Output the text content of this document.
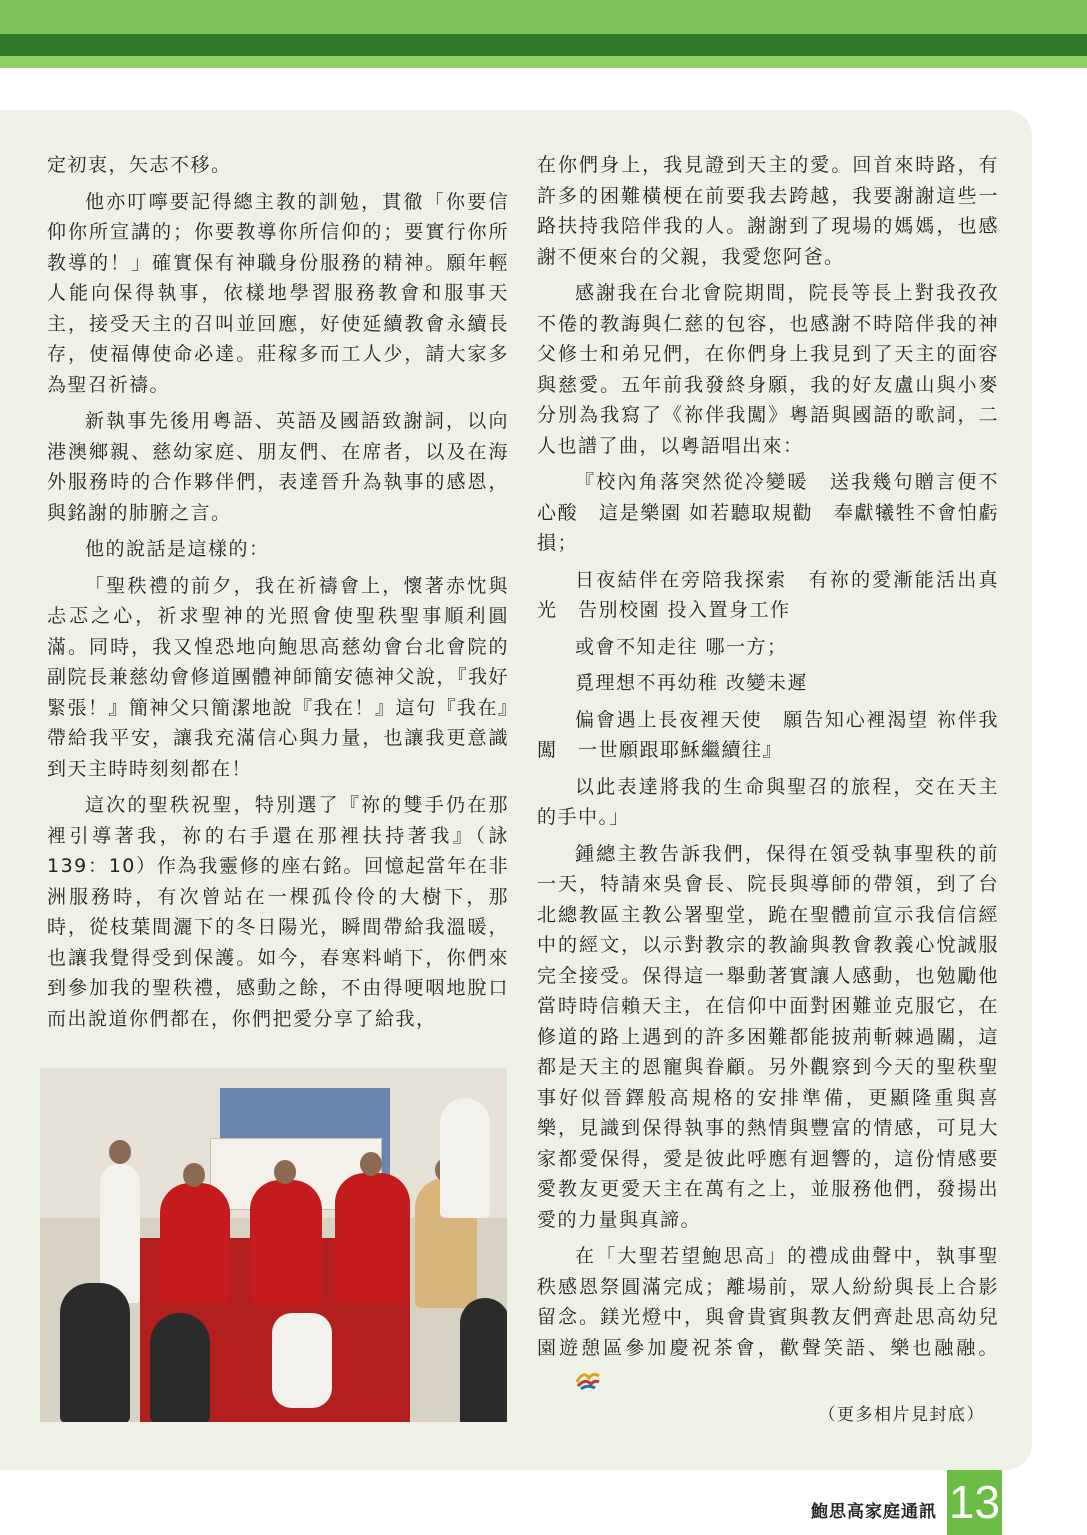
定初衷，矢志不移。

他亦叮嚀要記得總主教的訓勉，貫徹「你要信仰你所宣講的；你要教導你所信仰的；要實行你所教導的！」確實保有神職身份服務的精神。願年輕人能向保得執事，依樣地學習服務教會和服事天主，接受天主的召叫並回應，好使延續教會永續長存，使福傳使命必達。莊稼多而工人少，請大家多為聖召祈禱。

新執事先後用粵語、英語及國語致謝詞，以向港澳鄉親、慈幼家庭、朋友們、在席者，以及在海外服務時的合作夥伴們，表達晉升為執事的感恩，與銘謝的肺腑之言。

他的說話是這樣的：

「聖秩禮的前夕，我在祈禱會上，懷著赤忱與忐忑之心，祈求聖神的光照會使聖秩聖事順利圓滿。同時，我又惶恐地向鮑思高慈幼會台北會院的副院長兼慈幼會修道團體神師簡安德神父說，『我好緊張！』簡神父只簡潔地說『我在！』這句『我在』帶給我平安，讓我充滿信心與力量，也讓我更意識到天主時時刻刻都在！

這次的聖秩祝聖，特別選了『祢的雙手仍在那裡引導著我，祢的右手還在那裡扶持著我』（詠139：10）作為我靈修的座右銘。回憶起當年在非洲服務時，有次曾站在一棵孤伶伶的大樹下，那時，從枝葉間灑下的冬日陽光，瞬間帶給我溫暖，也讓我覺得受到保護。如今，春寒料峭下，你們來到參加我的聖秩禮，感動之餘，不由得哽咽地脫口而出說道你們都在，你們把愛分享了給我，

在你們身上，我見證到天主的愛。回首來時路，有許多的困難橫梗在前要我去跨越，我要謝謝這些一路扶持我陪伴我的人。謝謝到了現場的媽媽，也感謝不便來台的父親，我愛您阿爸。

感謝我在台北會院期間，院長等長上對我孜孜不倦的教誨與仁慈的包容，也感謝不時陪伴我的神父修士和弟兄們，在你們身上我見到了天主的面容與慈愛。五年前我發終身願，我的好友盧山與小麥分別為我寫了《祢伴我闖》粵語與國語的歌詞，二人也譜了曲，以粵語唱出來：

『校內角落突然從冷變暖　送我幾句贈言便不心酸　這是樂園 如若聽取規勸　奉獻犧牲不會怕虧損；

日夜結伴在旁陪我探索　有祢的愛漸能活出真光　告別校園 投入置身工作

或會不知走往 哪一方；

覓理想不再幼稚 改變未遲

偏會遇上長夜裡天使　願告知心裡渴望 祢伴我闖　一世願跟耶穌繼續往』

以此表達將我的生命與聖召的旅程，交在天主的手中。」

鍾總主教告訴我們，保得在領受執事聖秩的前一天，特請來吳會長、院長與導師的帶領，到了台北總教區主教公署聖堂，跪在聖體前宣示我信信經中的經文，以示對教宗的教諭與教會教義心悅誠服完全接受。保得這一舉動著實讓人感動，也勉勵他當時時信賴天主，在信仰中面對困難並克服它，在修道的路上遇到的許多困難都能披荊斬棘過關，這都是天主的恩寵與眷顧。另外觀察到今天的聖秩聖事好似晉鐸般高規格的安排準備，更顯隆重與喜樂，見識到保得執事的熱情與豐富的情感，可見大家都愛保得，愛是彼此呼應有迴響的，這份情感要愛教友更愛天主在萬有之上，並服務他們，發揚出愛的力量與真諦。

在「大聖若望鮑思高」的禮成曲聲中，執事聖秩感恩祭圓滿完成；離場前，眾人紛紛與長上合影留念。鎂光燈中，與會貴賓與教友們齊赴思高幼兒園遊憩區參加慶祝茶會，歡聲笑語、樂也融融。

（更多相片見封底）
鮑思高家庭通訊 13
